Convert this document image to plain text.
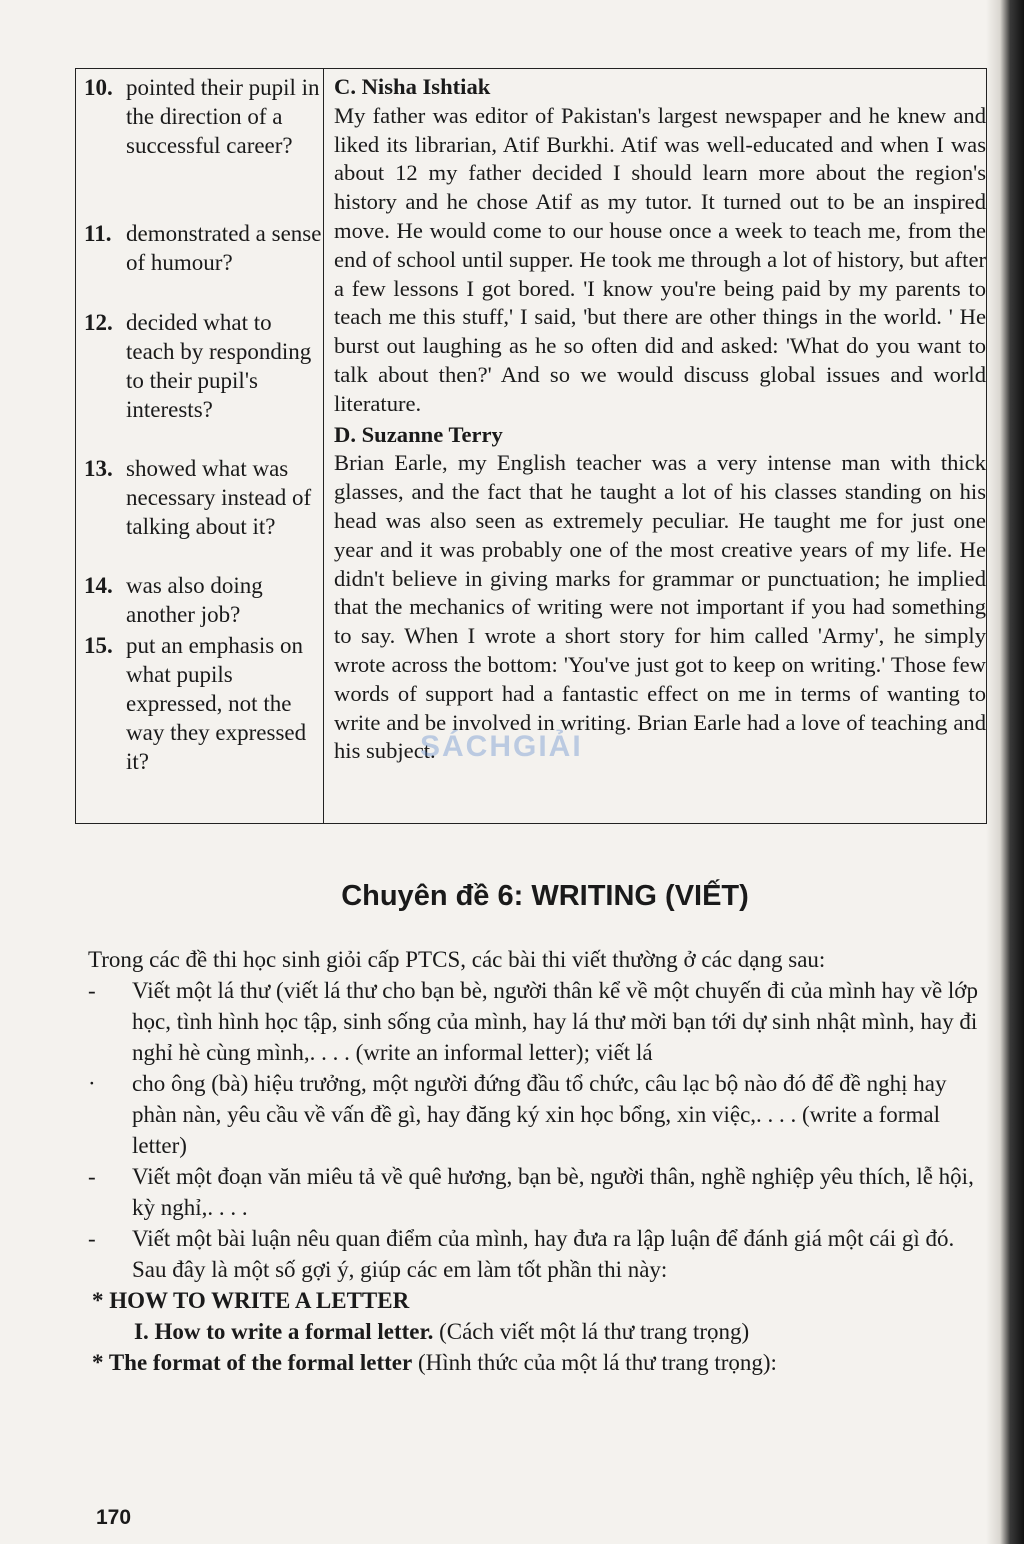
10. pointed their pupil in the direction of a successful career?
11. demonstrated a sense of humour?
12. decided what to teach by responding to their pupil's interests?
13. showed what was necessary instead of talking about it?
14. was also doing another job?
15. put an emphasis on what pupils expressed, not the way they expressed it?

C. Nisha Ishtiak

My father was editor of Pakistan's largest newspaper and he knew and liked its librarian, Atif Burkhi. Atif was well-educated and when I was about 12 my father decided I should learn more about the region's history and he chose Atif as my tutor. It turned out to be an inspired move. He would come to our house once a week to teach me, from the end of school until supper. He took me through a lot of history, but after a few lessons I got bored. 'I know you're being paid by my parents to teach me this stuff,' I said, 'but there are other things in the world. ' He burst out laughing as he so often did and asked: 'What do you want to talk about then?' And so we would discuss global issues and world literature.

D. Suzanne Terry

Brian Earle, my English teacher was a very intense man with thick glasses, and the fact that he taught a lot of his classes standing on his head was also seen as extremely peculiar. He taught me for just one year and it was probably one of the most creative years of my life. He didn't believe in giving marks for grammar or punctuation; he implied that the mechanics of writing were not important if you had something to say. When I wrote a short story for him called 'Army', he simply wrote across the bottom: 'You've just got to keep on writing.' Those few words of support had a fantastic effect on me in terms of wanting to write and be involved in writing. Brian Earle had a love of teaching and his subject.

SÁCHGIẢI
Chuyên đề 6: WRITING (VIẾT)

Trong các đề thi học sinh giỏi cấp PTCS, các bài thi viết thường ở các dạng sau:

- Viết một lá thư (viết lá thư cho bạn bè, người thân kể về một chuyến đi của mình hay về lớp học, tình hình học tập, sinh sống của mình, hay lá thư mời bạn tới dự sinh nhật mình, hay đi nghỉ hè cùng mình,. . . . (write an informal letter); viết lá
· cho ông (bà) hiệu trưởng, một người đứng đầu tổ chức, câu lạc bộ nào đó để đề nghị hay phàn nàn, yêu cầu về vấn đề gì, hay đăng ký xin học bổng, xin việc,. . . . (write a formal letter)
- Viết một đoạn văn miêu tả về quê hương, bạn bè, người thân, nghề nghiệp yêu thích, lễ hội, kỳ nghỉ,. . . .
- Viết một bài luận nêu quan điểm của mình, hay đưa ra lập luận để đánh giá một cái gì đó.

Sau đây là một số gợi ý, giúp các em làm tốt phần thi này:

* HOW TO WRITE A LETTER

I. How to write a formal letter. (Cách viết một lá thư trang trọng)

* The format of the formal letter (Hình thức của một lá thư trang trọng):

170
